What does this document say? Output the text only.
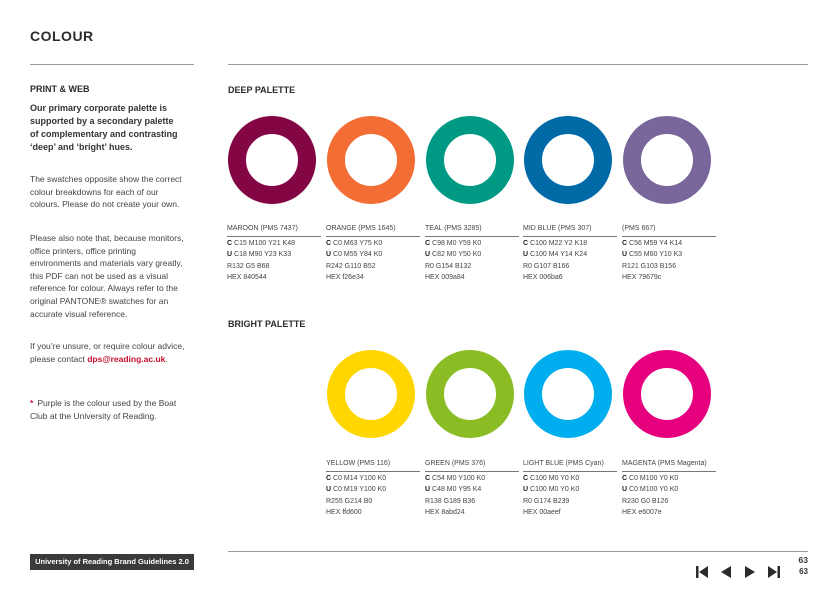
COLOUR
PRINT & WEB
Our primary corporate palette is supported by a secondary palette of complementary and contrasting ‘deep’ and ‘bright’ hues.
The swatches opposite show the correct colour breakdowns for each of our colours. Please do not create your own.
Please also note that, because monitors, office printers, office printing environments and materials vary greatly, this PDF can not be used as a visual reference for colour. Always refer to the original PANTONE® swatches for an accurate visual reference.
If you’re unsure, or require colour advice, please contact dps@reading.ac.uk.
* Purple is the colour used by the Boat Club at the University of Reading.
DEEP PALETTE
MAROON (PMS 7437)
C C15 M100 Y21 K48
U C18 M90 Y23 K33
R132 G5 B68
HEX 840544
ORANGE (PMS 1645)
C C0 M63 Y75 K0
U C0 M55 Y84 K0
R242 G110 B52
HEX f26e34
TEAL (PMS 3285)
C C98 M0 Y59 K0
U C82 M0 Y50 K0
R0 G154 B132
HEX 009a84
MID BLUE (PMS 307)
C C100 M22 Y2 K18
U C100 M4 Y14 K24
R0 G107 B166
HEX 006ba6
(PMS 667)
C C56 M59 Y4 K14
U C55 M60 Y10 K3
R121 G103 B156
HEX 79679c
BRIGHT PALETTE
YELLOW (PMS 116)
C C0 M14 Y100 K0
U C0 M19 Y100 K0
R255 G214 B0
HEX ffd600
GREEN (PMS 376)
C C54 M0 Y100 K0
U C48 M0 Y95 K4
R138 G189 B36
HEX 8abd24
LIGHT BLUE (PMS Cyan)
C C100 M0 Y0 K0
U C100 M0 Y0 K0
R0 G174 B239
HEX 00aeef
MAGENTA (PMS Magenta)
C C0 M100 Y0 K0
U C0 M100 Y0 K0
R230 G0 B126
HEX e6007e
University of Reading Brand Guidelines 2.0	63
63
